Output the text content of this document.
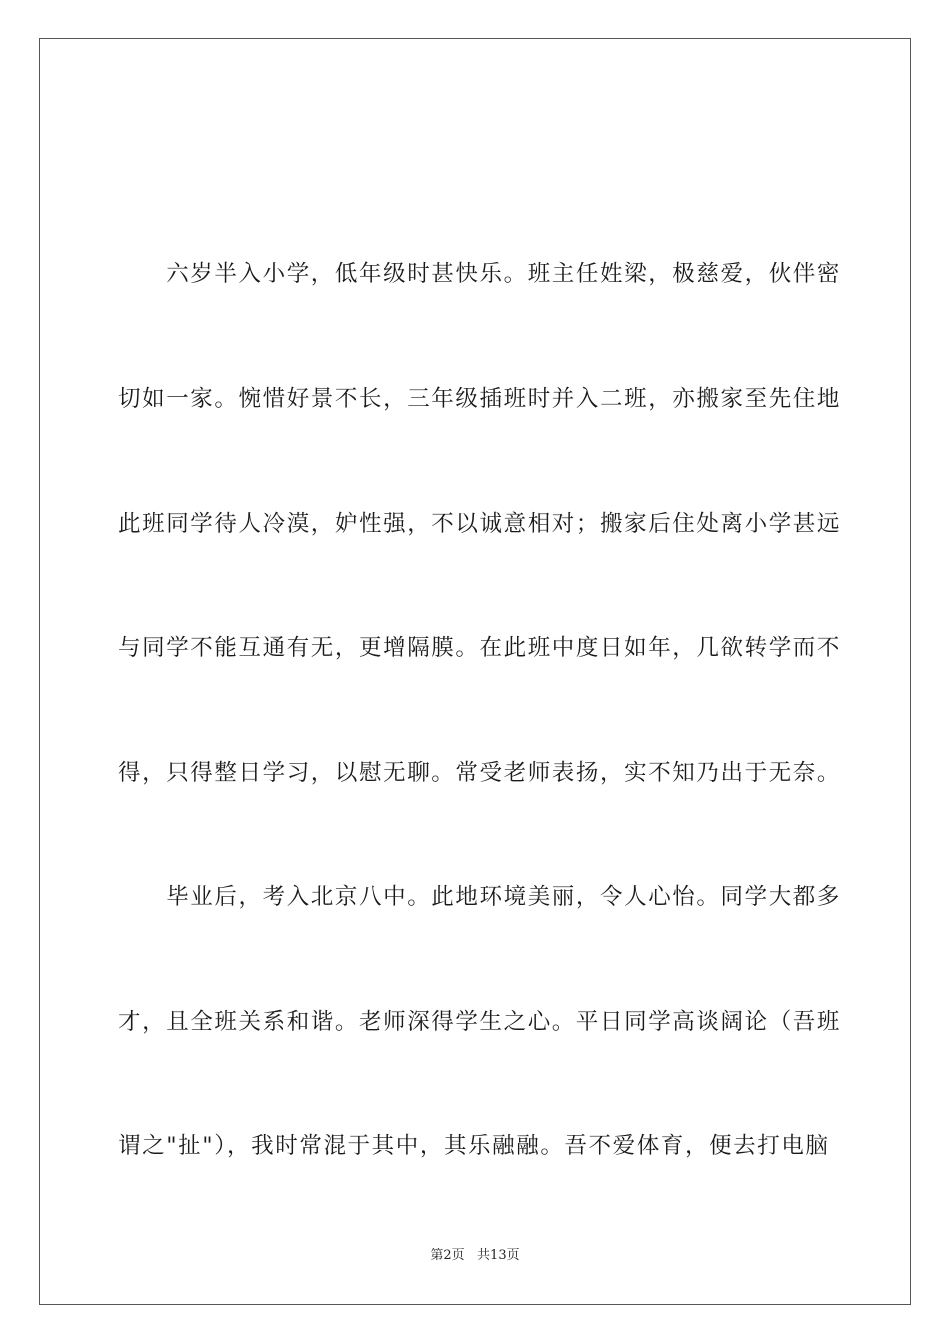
　　六岁半入小学，低年级时甚快乐。班主任姓梁，极慈爱，伙伴密
切如一家。惋惜好景不长，三年级插班时并入二班，亦搬家至先住地
此班同学待人冷漠，妒性强，不以诚意相对；搬家后住处离小学甚远
与同学不能互通有无，更增隔膜。在此班中度日如年，几欲转学而不
得，只得整日学习，以慰无聊。常受老师表扬，实不知乃出于无奈。
　　毕业后，考入北京八中。此地环境美丽，令人心怡。同学大都多
才，且全班关系和谐。老师深得学生之心。平日同学高谈阔论（吾班
谓之"扯"），我时常混于其中，其乐融融。吾不爱体育，便去打电脑
第2页   共13页
